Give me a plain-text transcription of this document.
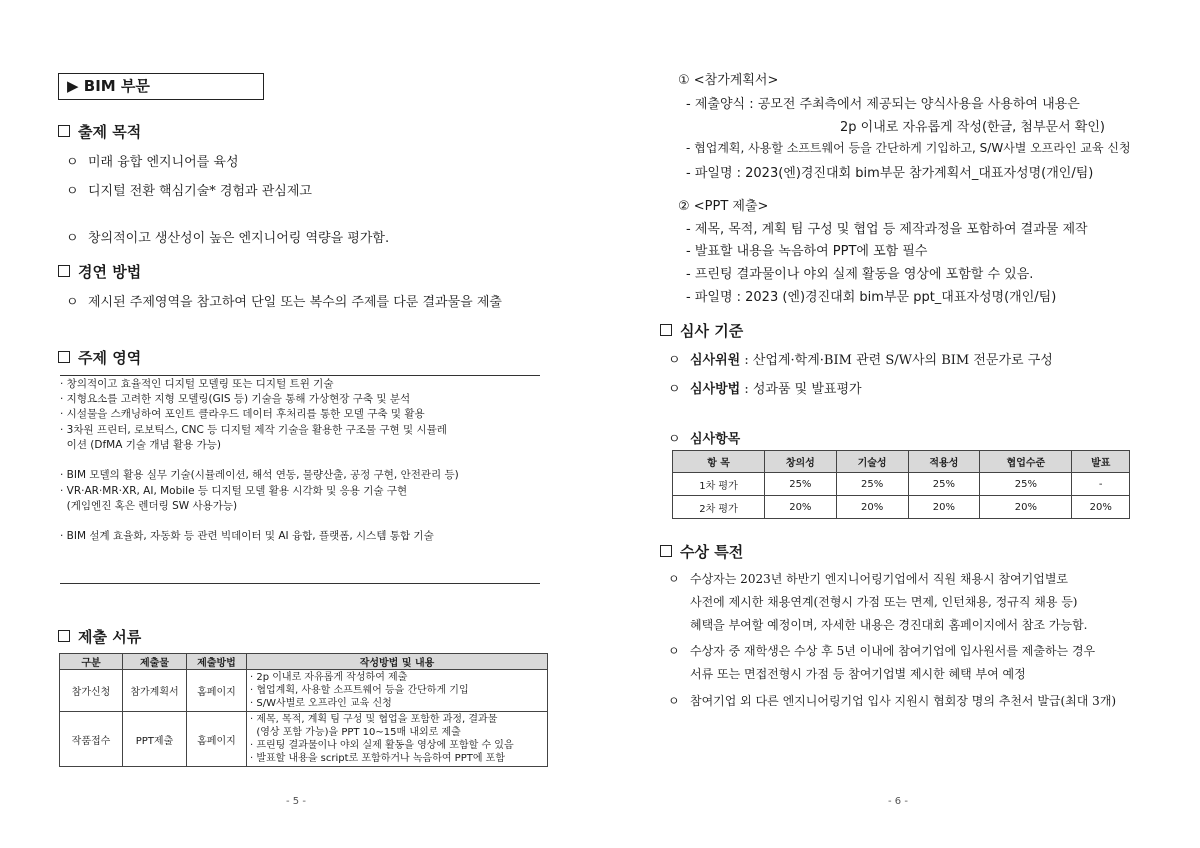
▶ BIM 부문
출제 목적
ㅇ 미래 융합 엔지니어를 육성
ㅇ 디지털 전환 핵심기술* 경험과 관심제고
ㅇ 창의적이고 생산성이 높은 엔지니어링 역량을 평가함.
경연 방법
ㅇ 제시된 주제영역을 참고하여 단일 또는 복수의 주제를 다룬 결과물을 제출
주제 영역
· 창의적이고 효율적인 디지털 모델링 또는 디지털 트윈 기술
· 지형요소를 고려한 지형 모델링(GIS 등) 기술을 통해 가상현장 구축 및 분석
· 시설물을 스캐닝하여 포인트 클라우드 데이터 후처리를 통한 모델 구축 및 활용
· 3차원 프린터, 로보틱스, CNC 등 디지털 제작 기술을 활용한 구조물 구현 및 시뮬레
이션 (DfMA 기술 개념 활용 가능)
· BIM 모델의 활용 실무 기술(시뮬레이션, 해석 연동, 물량산출, 공정 구현, 안전관리 등)
· VR·AR·MR·XR, AI, Mobile 등 디지털 모델 활용 시각화 및 응용 기술 구현
(게임엔진 혹은 렌더링 SW 사용가능)
· BIM 설계 효율화, 자동화 등 관련 빅데이터 및 AI 융합, 플랫폼, 시스템 통합 기술
제출 서류
구분	제출물	제출방법	작성방법 및 내용
참가신청	참가계획서	홈페이지	· 2p 이내로 자유롭게 작성하여 제출
· 협업계획, 사용할 소프트웨어 등을 간단하게 기입
· S/W사별로 오프라인 교육 신청

작품접수	PPT제출	홈페이지	· 제목, 목적, 계획 팀 구성 및 협업을 포함한 과정, 결과물
(영상 포함 가능)을 PPT 10~15매 내외로 제출
· 프린팅 결과물이나 야외 실제 활동을 영상에 포함할 수 있음
· 발표할 내용을 script로 포함하거나 녹음하여 PPT에 포함
- 5 -
① <참가계획서>
- 제출양식 : 공모전 주최측에서 제공되는 양식사용을 사용하여 내용은
2p 이내로 자유롭게 작성(한글, 첨부문서 확인)
- 협업계획, 사용할 소프트웨어 등을 간단하게 기입하고, S/W사별 오프라인 교육 신청
- 파일명 : 2023(엔)경진대회 bim부문 참가계획서_대표자성명(개인/팀)
② <PPT 제출>
- 제목, 목적, 계획 팀 구성 및 협업 등 제작과정을 포함하여 결과물 제작
- 발표할 내용을 녹음하여 PPT에 포함 필수
- 프린팅 결과물이나 야외 실제 활동을 영상에 포함할 수 있음.
- 파일명 : 2023 (엔)경진대회 bim부문 ppt_대표자성명(개인/팀)
심사 기준
ㅇ 심사위원 : 산업계·학계·BIM 관련 S/W사의 BIM 전문가로 구성
ㅇ 심사방법 : 성과품 및 발표평가
ㅇ 심사항목
항 목	창의성	기술성	적용성	협업수준	발표
1차 평가	25%	25%	25%	25%	-
2차 평가	20%	20%	20%	20%	20%
수상 특전
ㅇ 수상자는 2023년 하반기 엔지니어링기업에서 직원 채용시 참여기업별로
사전에 제시한 채용연계(전형시 가점 또는 면제, 인턴채용, 정규직 채용 등)
혜택을 부여할 예정이며, 자세한 내용은 경진대회 홈페이지에서 참조 가능함.
ㅇ 수상자 중 재학생은 수상 후 5년 이내에 참여기업에 입사원서를 제출하는 경우
서류 또는 면접전형시 가점 등 참여기업별 제시한 혜택 부여 예정
ㅇ 참여기업 외 다른 엔지니어링기업 입사 지원시 협회장 명의 추천서 발급(최대 3개)
- 6 -
